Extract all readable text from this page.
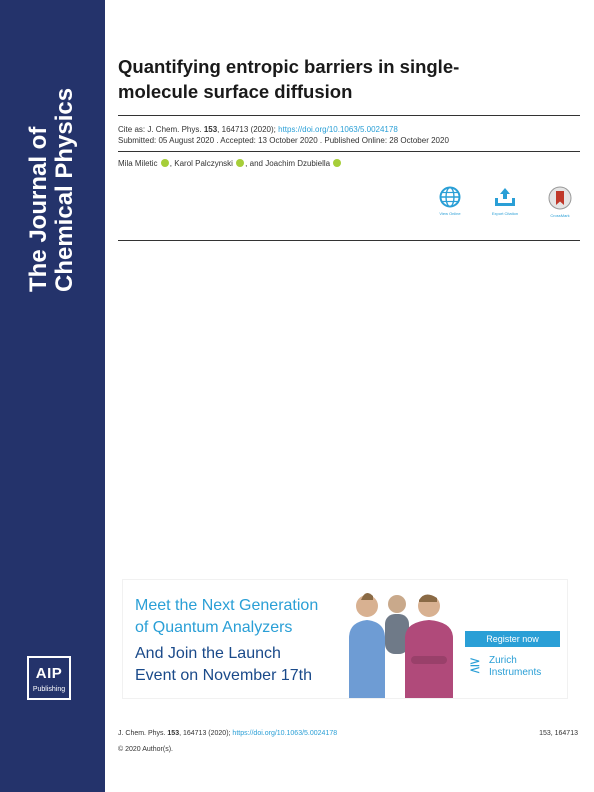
The Journal of Chemical Physics
AIP
Publishing
Quantifying entropic barriers in single-
molecule surface diffusion
Cite as: J. Chem. Phys. 153, 164713 (2020); https://doi.org/10.1063/5.0024178
Submitted: 05 August 2020 . Accepted: 13 October 2020 . Published Online: 28 October 2020
Mila Miletic , Karol Palczynski , and Joachim Dzubiella
View Online	Export Citation	CrossMark
Meet the Next Generation
of Quantum Analyzers
And Join the Launch
Event on November 17th
Register now
⋛ Zurich
Instruments
J. Chem. Phys. 153, 164713 (2020); https://doi.org/10.1063/5.0024178	153, 164713
© 2020 Author(s).
